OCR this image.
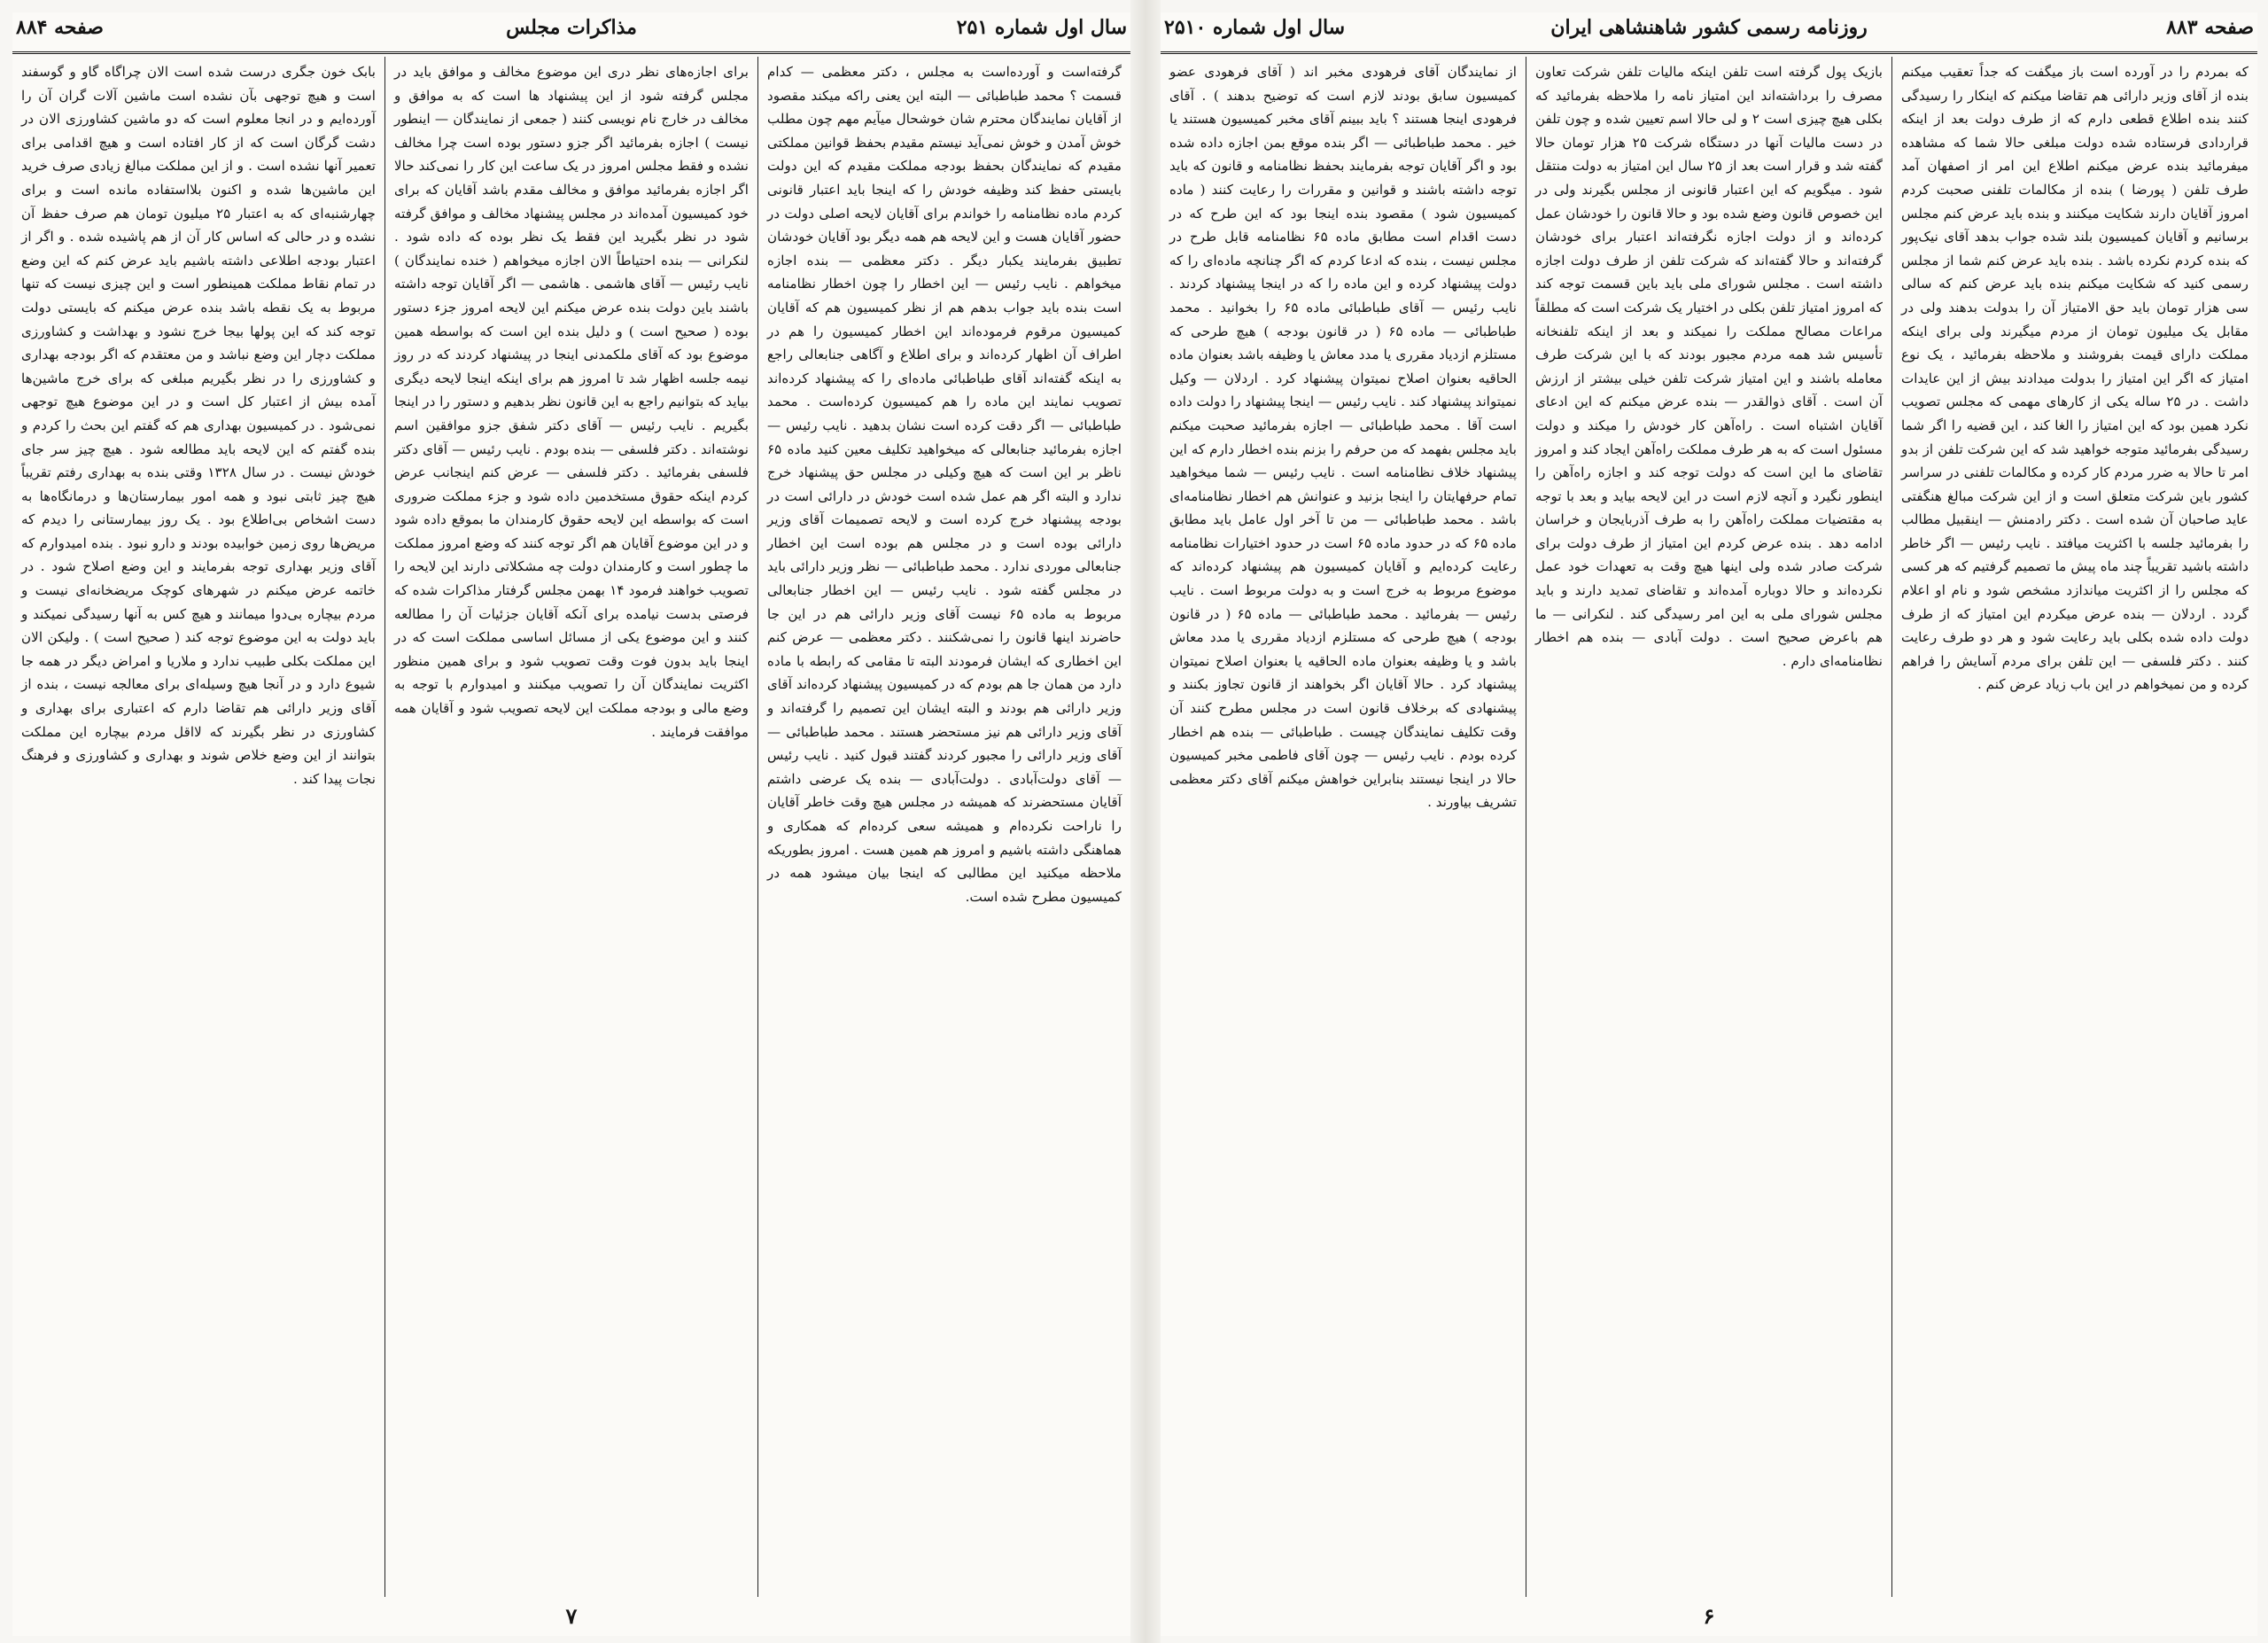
سال اول شماره ۲۵۱
مذاکرات مجلس
صفحه ۸۸۴

گرفته‌است و آورده‌است به مجلس ، دکتر معظمی — کدام قسمت ؟ محمد طباطبائی — البته این یعنی راکه میکند مقصود از آقایان نمایندگان محترم شان خوشحال میآیم مهم چون مطلب خوش آمدن و خوش نمی‌آید نیستم مقیدم بحفظ قوانین مملکتی مقیدم که نمایندگان بحفظ بودجه مملکت مقیدم که این دولت بایستی حفظ کند وظیفه خودش را که اینجا باید اعتبار قانونی کردم ماده نظامنامه را خواندم برای آقایان لایحه اصلی دولت در حضور آقایان هست و این لایحه هم همه دیگر بود آقایان خودشان تطبیق بفرمایند یکبار دیگر . دکتر معظمی — بنده اجازه میخواهم . نایب رئیس — این اخطار را چون اخطار نظامنامه است بنده باید جواب بدهم هم از نظر کمیسیون هم که آقایان کمیسیون مرقوم فرموده‌اند این اخطار کمیسیون را هم در اطراف آن اظهار کرده‌اند و برای اطلاع و آگاهی جنابعالی راجع به اینکه گفته‌اند آقای طباطبائی ماده‌ای را که پیشنهاد کرده‌اند تصویب نمایند این ماده را هم کمیسیون کرده‌است . محمد طباطبائی — اگر دقت کرده است نشان بدهید . نایب رئیس — اجازه بفرمائید جنابعالی که میخواهید تکلیف معین کنید ماده ۶۵ ناظر بر این است که هیچ وکیلی در مجلس حق پیشنهاد خرج ندارد و البته اگر هم عمل شده است خودش در دارائی است در بودجه پیشنهاد خرج کرده است و لایحه تصمیمات آقای وزیر دارائی بوده است و در مجلس هم بوده است این اخطار جنابعالی موردی ندارد . محمد طباطبائی — نظر وزیر دارائی باید در مجلس گفته شود . نایب رئیس — این اخطار جنابعالی مربوط به ماده ۶۵ نیست آقای وزیر دارائی هم در این جا حاضرند اینها قانون را نمی‌شکنند . دکتر معظمی — عرض کنم این اخطاری که ایشان فرمودند البته تا مقامی که رابطه با ماده دارد من همان جا هم بودم که در کمیسیون پیشنهاد کرده‌اند آقای وزیر دارائی هم بودند و البته ایشان این تصمیم را گرفته‌اند و آقای وزیر دارائی هم نیز مستحضر هستند . محمد طباطبائی — آقای وزیر دارائی را مجبور کردند گفتند قبول کنید . نایب رئیس — آقای دولت‌آبادی . دولت‌آبادی — بنده یک عرضی داشتم آقایان مستحضرند که همیشه در مجلس هیچ وقت خاطر آقایان را ناراحت نکرده‌ام و همیشه سعی کرده‌ام که همکاری و هماهنگی داشته باشیم و امروز هم همین هست . امروز بطوریکه ملاحظه میکنید این مطالبی که اینجا بیان میشود همه در کمیسیون مطرح شده است.

برای اجازه‌های نظر دری این موضوع مخالف و موافق باید در مجلس گرفته شود از این پیشنهاد ها است که به موافق و مخالف در خارج نام نویسی کنند ( جمعی از نمایندگان — اینطور نیست ) اجازه بفرمائید اگر جزو دستور بوده است چرا مخالف نشده و فقط مجلس امروز در یک ساعت این کار را نمی‌کند حالا اگر اجازه بفرمائید موافق و مخالف مقدم باشد آقایان که برای خود کمیسیون آمده‌اند در مجلس پیشنهاد مخالف و موافق گرفته شود در نظر بگیرید این فقط یک نظر بوده که داده شود . لنکرانی — بنده احتیاطاً الان اجازه میخواهم ( خنده نمایندگان ) نایب رئیس — آقای هاشمی . هاشمی — اگر آقایان توجه داشته باشند باین دولت بنده عرض میکنم این لایحه امروز جزء دستور بوده ( صحیح است ) و دلیل بنده این است که بواسطه همین موضوع بود که آقای ملکمدنی اینجا در پیشنهاد کردند که در روز نیمه جلسه اظهار شد تا امروز هم برای اینکه اینجا لایحه دیگری بیاید که بتوانیم راجع به این قانون نظر بدهیم و دستور را در اینجا بگیریم . نایب رئیس — آقای دکتر شفق جزو موافقین اسم نوشته‌اند . دکتر فلسفی — بنده بودم . نایب رئیس — آقای دکتر فلسفی بفرمائید . دکتر فلسفی — عرض کنم اینجانب عرض کردم اینکه حقوق مستخدمین داده شود و جزء مملکت ضروری است که بواسطه این لایحه حقوق کارمندان ما بموقع داده شود و در این موضوع آقایان هم اگر توجه کنند که وضع امروز مملکت ما چطور است و کارمندان دولت چه مشکلاتی دارند این لایحه را تصویب خواهند فرمود ۱۴ بهمن مجلس گرفتار مذاکرات شده که فرصتی بدست نیامده برای آنکه آقایان جزئیات آن را مطالعه کنند و این موضوع یکی از مسائل اساسی مملکت است که در اینجا باید بدون فوت وقت تصویب شود و برای همین منظور اکثریت نمایندگان آن را تصویب میکنند و امیدوارم با توجه به وضع مالی و بودجه مملکت این لایحه تصویب شود و آقایان همه موافقت فرمایند .

بابک خون جگری درست شده است الان چراگاه گاو و گوسفند است و هیچ توجهی بآن نشده است ماشین آلات گران آن را آورده‌ایم و در انجا معلوم است که دو ماشین کشاورزی الان در دشت گرگان است که از کار افتاده است و هیچ اقدامی برای تعمیر آنها نشده است . و از این مملکت مبالغ زیادی صرف خرید این ماشین‌ها شده و اکنون بلااستفاده مانده است و برای چهارشنبه‌ای که به اعتبار ۲۵ میلیون تومان هم صرف حفظ آن نشده و در حالی که اساس کار آن از هم پاشیده شده . و اگر از اعتبار بودجه اطلاعی داشته باشیم باید عرض کنم که این وضع در تمام نقاط مملکت همینطور است و این چیزی نیست که تنها مربوط به یک نقطه باشد بنده عرض میکنم که بایستی دولت توجه کند که این پولها بیجا خرج نشود و بهداشت و کشاورزی مملکت دچار این وضع نباشد و من معتقدم که اگر بودجه بهداری و کشاورزی را در نظر بگیریم مبلغی که برای خرج ماشین‌ها آمده بیش از اعتبار کل است و در این موضوع هیچ توجهی نمی‌شود . در کمیسیون بهداری هم که گفتم این بحث را کردم و بنده گفتم که این لایحه باید مطالعه شود . هیچ چیز سر جای خودش نیست . در سال ۱۳۲۸ وقتی بنده به بهداری رفتم تقریباً هیچ چیز ثابتی نبود و همه امور بیمارستان‌ها و درمانگاه‌ها به دست اشخاص بی‌اطلاع بود . یک روز بیمارستانی را دیدم که مریض‌ها روی زمین خوابیده بودند و دارو نبود . بنده امیدوارم که آقای وزیر بهداری توجه بفرمایند و این وضع اصلاح شود . در خاتمه عرض میکنم در شهرهای کوچک مریضخانه‌ای نیست و مردم بیچاره بی‌دوا میمانند و هیچ کس به آنها رسیدگی نمیکند و باید دولت به این موضوع توجه کند ( صحیح است ) . ولیکن الان این مملکت بکلی طبیب ندارد و ملاریا و امراض دیگر در همه جا شیوع دارد و در آنجا هیچ وسیله‌ای برای معالجه نیست ، بنده از آقای وزیر دارائی هم تقاضا دارم که اعتباری برای بهداری و کشاورزی در نظر بگیرند که لااقل مردم بیچاره این مملکت بتوانند از این وضع خلاص شوند و بهداری و کشاورزی و فرهنگ نجات پیدا کند .

۷
صفحه ۸۸۳
روزنامه رسمی کشور شاهنشاهی ایران
سال اول شماره ۲۵۱۰

که بمردم را در آورده است باز میگفت که جداً تعقیب میکنم بنده از آقای وزیر دارائی هم تقاضا میکنم که اینکار را رسیدگی کنند بنده اطلاع قطعی دارم که از طرف دولت بعد از اینکه قراردادی فرستاده شده دولت مبلغی حالا شما که مشاهده میفرمائید بنده عرض میکنم اطلاع این امر از اصفهان آمد طرف تلفن ( پورضا ) بنده از مکالمات تلفنی صحبت کردم امروز آقایان دارند شکایت میکنند و بنده باید عرض کنم مجلس برسانیم و آقایان کمیسیون بلند شده جواب بدهد آقای نیک‌پور که بنده کردم نکرده باشد . بنده باید عرض کنم شما از مجلس رسمی کنید که شکایت میکنم بنده باید عرض کنم که سالی سی هزار تومان باید حق الامتیاز آن را بدولت بدهند ولی در مقابل یک میلیون تومان از مردم میگیرند ولی برای اینکه مملکت دارای قیمت بفروشند و ملاحظه بفرمائید ، یک نوع امتیاز که اگر این امتیاز را بدولت میدادند بیش از این عایدات داشت . در ۲۵ ساله یکی از کارهای مهمی که مجلس تصویب نکرد همین بود که این امتیاز را الغا کند ، این قضیه را اگر شما رسیدگی بفرمائید متوجه خواهید شد که این شرکت تلفن از بدو امر تا حالا به ضرر مردم کار کرده و مکالمات تلفنی در سراسر کشور باین شرکت متعلق است و از این شرکت مبالغ هنگفتی عاید صاحبان آن شده است . دکتر رادمنش — اینقبیل مطالب را بفرمائید جلسه با اکثریت میافتد . نایب رئیس — اگر خاطر داشته باشید تقریباً چند ماه پیش ما تصمیم گرفتیم که هر کسی که مجلس را از اکثریت میاندازد مشخص شود و نام او اعلام گردد . اردلان — بنده عرض میکردم این امتیاز که از طرف دولت داده شده بکلی باید رعایت شود و هر دو طرف رعایت کنند . دکتر فلسفی — این تلفن برای مردم آسایش را فراهم کرده و من نمیخواهم در این باب زیاد عرض کنم .

بازیک پول گرفته است تلفن اینکه مالیات تلفن شرکت تعاون مصرف را برداشته‌اند این امتیاز نامه را ملاحظه بفرمائید که بکلی هیچ چیزی است ۲ و لی حالا اسم تعیین شده و چون تلفن در دست مالیات آنها در دستگاه شرکت ۲۵ هزار تومان حالا گفته شد و قرار است بعد از ۲۵ سال این امتیاز به دولت منتقل شود . میگویم که این اعتبار قانونی از مجلس بگیرند ولی در این خصوص قانون وضع شده بود و حالا قانون را خودشان عمل کرده‌اند و از دولت اجازه نگرفته‌اند اعتبار برای خودشان گرفته‌اند و حالا گفته‌اند که شرکت تلفن از طرف دولت اجازه داشته است . مجلس شورای ملی باید باین قسمت توجه کند که امروز امتیاز تلفن بکلی در اختیار یک شرکت است که مطلقاً مراعات مصالح مملکت را نمیکند و بعد از اینکه تلفنخانه تأسیس شد همه مردم مجبور بودند که با این شرکت طرف معامله باشند و این امتیاز شرکت تلفن خیلی بیشتر از ارزش آن است . آقای ذوالقدر — بنده عرض میکنم که این ادعای آقایان اشتباه است . راه‌آهن کار خودش را میکند و دولت مسئول است که به هر طرف مملکت راه‌آهن ایجاد کند و امروز تقاضای ما این است که دولت توجه کند و اجازه راه‌آهن را اینطور نگیرد و آنچه لازم است در این لایحه بیاید و بعد با توجه به مقتضیات مملکت راه‌آهن را به طرف آذربایجان و خراسان ادامه دهد . بنده عرض کردم این امتیاز از طرف دولت برای شرکت صادر شده ولی اینها هیچ وقت به تعهدات خود عمل نکرده‌اند و حالا دوباره آمده‌اند و تقاضای تمدید دارند و باید مجلس شورای ملی به این امر رسیدگی کند . لنکرانی — ما هم باعرض صحیح است . دولت آبادی — بنده هم اخطار نظامنامه‌ای دارم .

از نمایندگان آقای فرهودی مخبر اند ( آقای فرهودی عضو کمیسیون سابق بودند لازم است که توضیح بدهند ) . آقای فرهودی اینجا هستند ؟ باید ببینم آقای مخبر کمیسیون هستند یا خیر . محمد طباطبائی — اگر بنده موقع بمن اجازه داده شده بود و اگر آقایان توجه بفرمایند بحفظ نظامنامه و قانون که باید توجه داشته باشند و قوانین و مقررات را رعایت کنند ( ماده کمیسیون شود ) مقصود بنده اینجا بود که این طرح که در دست اقدام است مطابق ماده ۶۵ نظامنامه قابل طرح در مجلس نیست ، بنده که ادعا کردم که اگر چنانچه ماده‌ای را که دولت پیشنهاد کرده و این ماده را که در اینجا پیشنهاد کردند . نایب رئیس — آقای طباطبائی ماده ۶۵ را بخوانید . محمد طباطبائی — ماده ۶۵ ( در قانون بودجه ) هیچ طرحی که مستلزم ازدیاد مقرری یا مدد معاش یا وظیفه باشد بعنوان ماده الحاقیه بعنوان اصلاح نمیتوان پیشنهاد کرد . اردلان — وکیل نمیتواند پیشنهاد کند . نایب رئیس — اینجا پیشنهاد را دولت داده است آقا . محمد طباطبائی — اجازه بفرمائید صحبت میکنم باید مجلس بفهمد که من حرفم را بزنم بنده اخطار دارم که این پیشنهاد خلاف نظامنامه است . نایب رئیس — شما میخواهید تمام حرفهایتان را اینجا بزنید و عنوانش هم اخطار نظامنامه‌ای باشد . محمد طباطبائی — من تا آخر اول عامل باید مطابق ماده ۶۵ که در حدود ماده ۶۵ است در حدود اختیارات نظامنامه رعایت کرده‌ایم و آقایان کمیسیون هم پیشنهاد کرده‌اند که موضوع مربوط به خرج است و به دولت مربوط است . نایب رئیس — بفرمائید . محمد طباطبائی — ماده ۶۵ ( در قانون بودجه ) هیچ طرحی که مستلزم ازدیاد مقرری یا مدد معاش باشد و یا وظیفه بعنوان ماده الحاقیه یا بعنوان اصلاح نمیتوان پیشنهاد کرد . حالا آقایان اگر بخواهند از قانون تجاوز بکنند و پیشنهادی که برخلاف قانون است در مجلس مطرح کنند آن وقت تکلیف نمایندگان چیست . طباطبائی — بنده هم اخطار کرده بودم . نایب رئیس — چون آقای فاطمی مخبر کمیسیون حالا در اینجا نیستند بنابراین خواهش میکنم آقای دکتر معظمی تشریف بیاورند .

۶
